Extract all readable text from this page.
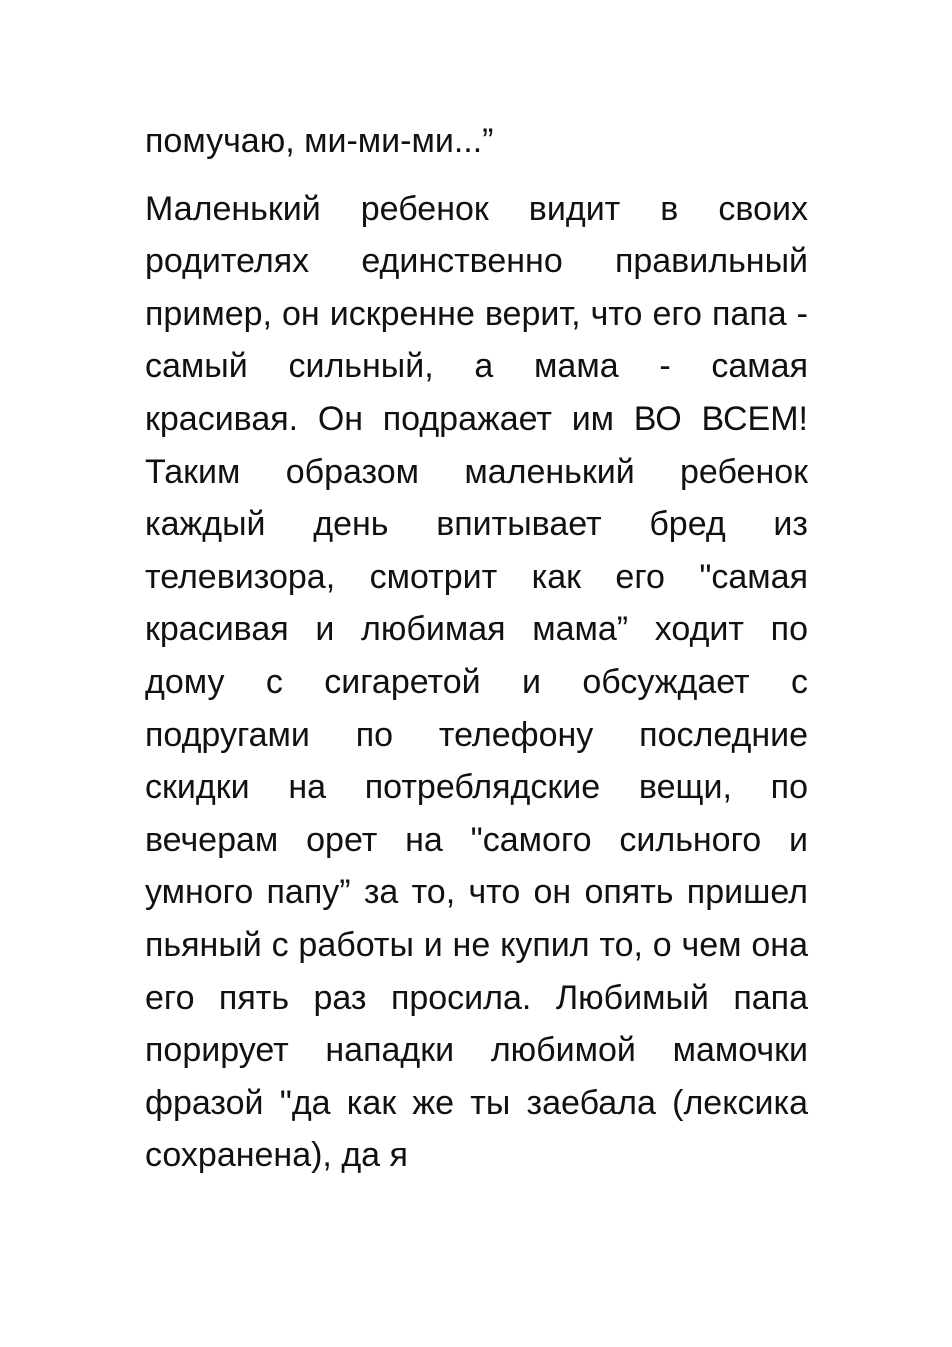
помучаю, ми-ми-ми...”

Маленький ребенок видит в своих родителях единственно правильный пример, он искренне верит, что его папа - самый сильный, а мама - самая красивая. Он подражает им ВО ВСЕМ! Таким образом маленький ребенок каждый день впитывает бред из телевизора, смотрит как его "самая красивая и любимая мама” ходит по дому с сигаретой и обсуждает с подругами по телефону последние скидки на потреблядские вещи, по вечерам орет на "самого сильного и умного папу” за то, что он опять пришел пьяный с работы и не купил то, о чем она его пять раз просила. Любимый папа порирует нападки любимой мамочки фразой "да как же ты заебала (лексика сохранена), да я
